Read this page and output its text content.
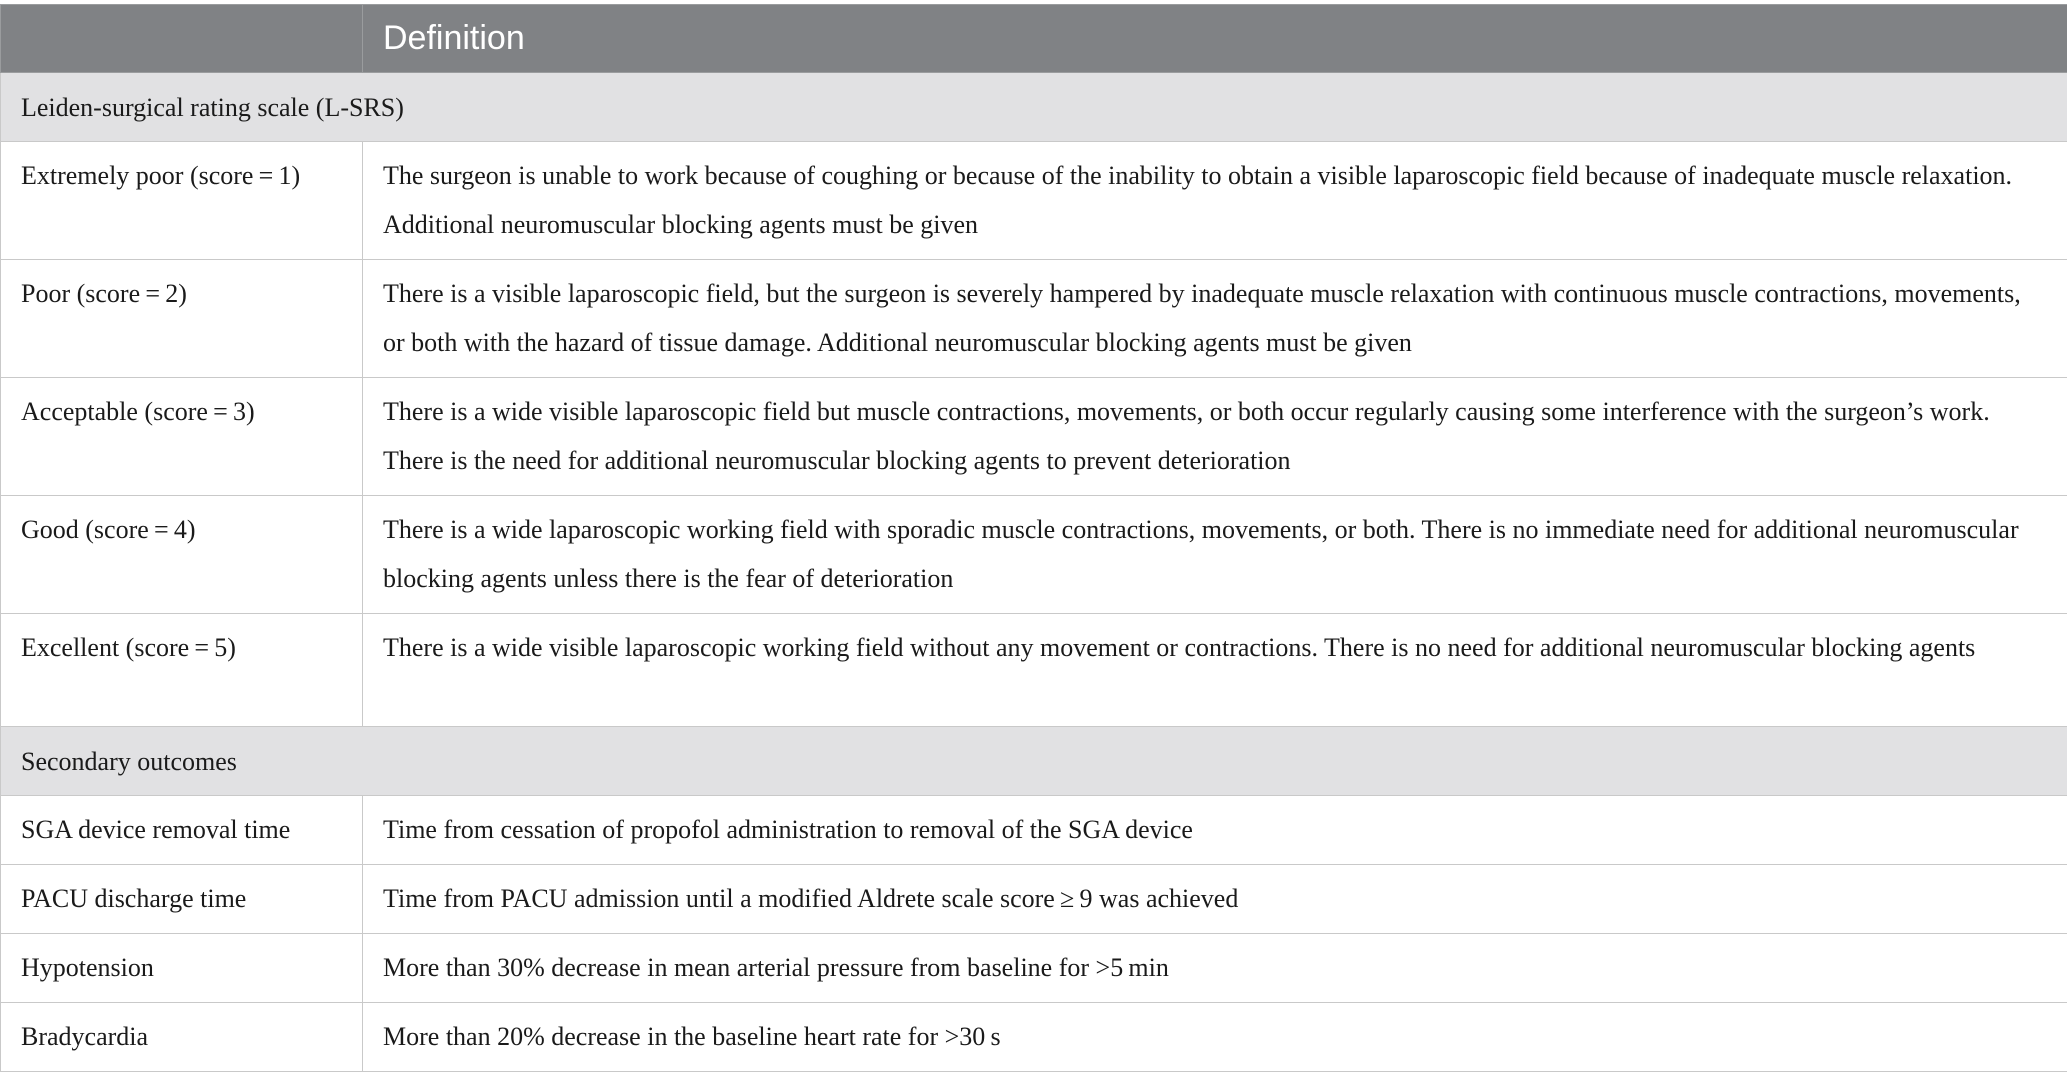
	Definition
Leiden-surgical rating scale (L-SRS)	
Extremely poor (score = 1)	The surgeon is unable to work because of coughing or because of the inability to obtain a visible laparoscopic field because of inadequate muscle relaxation. Additional neuromuscular blocking agents must be given
Poor (score = 2)	There is a visible laparoscopic field, but the surgeon is severely hampered by inadequate muscle relaxation with continuous muscle contractions, movements, or both with the hazard of tissue damage. Additional neuromuscular blocking agents must be given
Acceptable (score = 3)	There is a wide visible laparoscopic field but muscle contractions, movements, or both occur regularly causing some interference with the surgeon’s work. There is the need for additional neuromuscular blocking agents to prevent deterioration
Good (score = 4)	There is a wide laparoscopic working field with sporadic muscle contractions, movements, or both. There is no immediate need for additional neuromuscular blocking agents unless there is the fear of deterioration
Excellent (score = 5)	There is a wide visible laparoscopic working field without any movement or contractions. There is no need for additional neuromuscular blocking agents
Secondary outcomes	
SGA device removal time	Time from cessation of propofol administration to removal of the SGA device
PACU discharge time	Time from PACU admission until a modified Aldrete scale score ≥ 9 was achieved
Hypotension	More than 30% decrease in mean arterial pressure from baseline for >5 min
Bradycardia	More than 20% decrease in the baseline heart rate for >30 s
